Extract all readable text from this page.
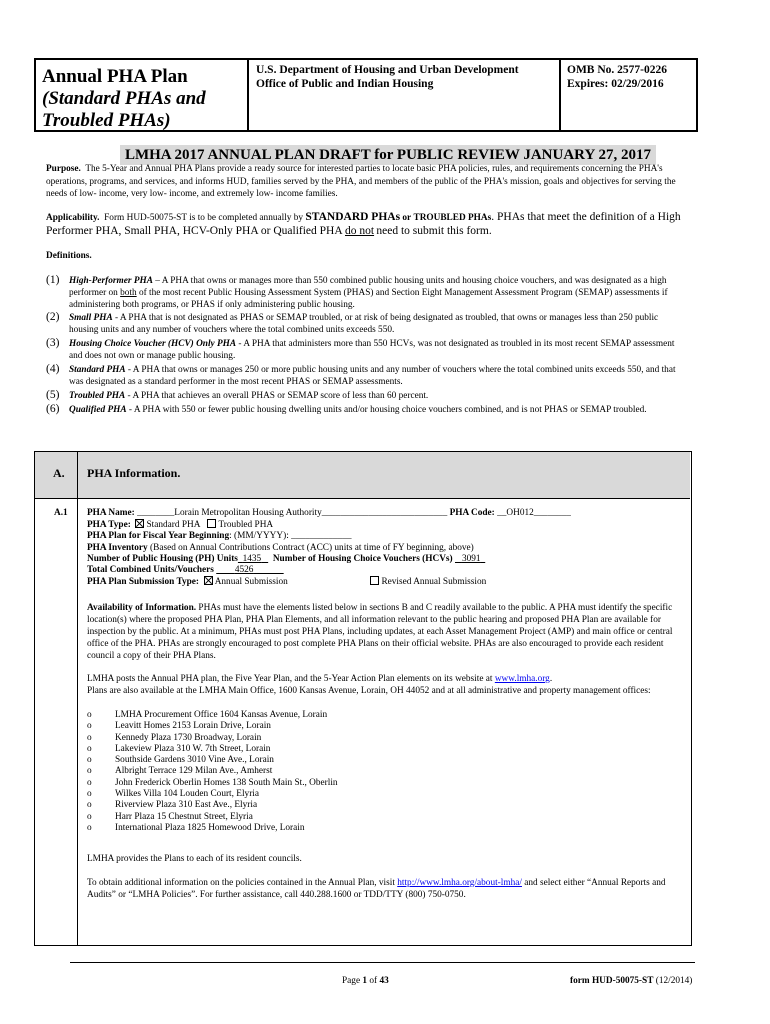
Annual PHA Plan
(Standard PHAs and
Troubled PHAs)
U.S. Department of Housing and Urban Development
Office of Public and Indian Housing
OMB No. 2577-0226
Expires: 02/29/2016
LMHA 2017 ANNUAL PLAN DRAFT for PUBLIC REVIEW JANUARY 27, 2017
Purpose. The 5-Year and Annual PHA Plans provide a ready source for interested parties to locate basic PHA policies, rules, and requirements concerning the PHA's operations, programs, and services, and informs HUD, families served by the PHA, and members of the public of the PHA's mission, goals and objectives for serving the needs of low- income, very low- income, and extremely low- income families.
Applicability. Form HUD-50075-ST is to be completed annually by STANDARD PHAs or TROUBLED PHAs. PHAs that meet the definition of a High Performer PHA, Small PHA, HCV-Only PHA or Qualified PHA do not need to submit this form.
Definitions.
(1) High-Performer PHA – A PHA that owns or manages more than 550 combined public housing units and housing choice vouchers, and was designated as a high performer on both of the most recent Public Housing Assessment System (PHAS) and Section Eight Management Assessment Program (SEMAP) assessments if administering both programs, or PHAS if only administering public housing.
(2) Small PHA - A PHA that is not designated as PHAS or SEMAP troubled, or at risk of being designated as troubled, that owns or manages less than 250 public housing units and any number of vouchers where the total combined units exceeds 550.
(3) Housing Choice Voucher (HCV) Only PHA - A PHA that administers more than 550 HCVs, was not designated as troubled in its most recent SEMAP assessment and does not own or manage public housing.
(4) Standard PHA - A PHA that owns or manages 250 or more public housing units and any number of vouchers where the total combined units exceeds 550, and that was designated as a standard performer in the most recent PHAS or SEMAP assessments.
(5) Troubled PHA - A PHA that achieves an overall PHAS or SEMAP score of less than 60 percent.
(6) Qualified PHA - A PHA with 550 or fewer public housing dwelling units and/or housing choice vouchers combined, and is not PHAS or SEMAP troubled.
A. PHA Information.
A.1 PHA Name: ________Lorain Metropolitan Housing Authority___________________________ PHA Code: __OH012________
PHA Type: Standard PHA Troubled PHA
PHA Plan for Fiscal Year Beginning: (MM/YYYY): _____________
PHA Inventory (Based on Annual Contributions Contract (ACC) units at time of FY beginning, above)
Number of Public Housing (PH) Units 1435 Number of Housing Choice Vouchers (HCVs) 3091
Total Combined Units/Vouchers 4526
PHA Plan Submission Type: Annual Submission	Revised Annual Submission
Availability of Information. PHAs must have the elements listed below in sections B and C readily available to the public. A PHA must identify the specific location(s) where the proposed PHA Plan, PHA Plan Elements, and all information relevant to the public hearing and proposed PHA Plan are available for inspection by the public. At a minimum, PHAs must post PHA Plans, including updates, at each Asset Management Project (AMP) and main office or central office of the PHA. PHAs are strongly encouraged to post complete PHA Plans on their official website. PHAs are also encouraged to provide each resident council a copy of their PHA Plans.
LMHA posts the Annual PHA plan, the Five Year Plan, and the 5-Year Action Plan elements on its website at www.lmha.org.
Plans are also available at the LMHA Main Office, 1600 Kansas Avenue, Lorain, OH 44052 and at all administrative and property management offices:
o	LMHA Procurement Office 1604 Kansas Avenue, Lorain
o	Leavitt Homes 2153 Lorain Drive, Lorain
o	Kennedy Plaza 1730 Broadway, Lorain
o	Lakeview Plaza 310 W. 7th Street, Lorain
o	Southside Gardens 3010 Vine Ave., Lorain
o	Albright Terrace 129 Milan Ave., Amherst
o	John Frederick Oberlin Homes 138 South Main St., Oberlin
o	Wilkes Villa 104 Louden Court, Elyria
o	Riverview Plaza 310 East Ave., Elyria
o	Harr Plaza 15 Chestnut Street, Elyria
o	International Plaza 1825 Homewood Drive, Lorain
LMHA provides the Plans to each of its resident councils.
To obtain additional information on the policies contained in the Annual Plan, visit http://www.lmha.org/about-lmha/ and select either “Annual Reports and Audits” or “LMHA Policies”. For further assistance, call 440.288.1600 or TDD/TTY (800) 750-0750.
Page 1 of 43	form HUD-50075-ST (12/2014)
